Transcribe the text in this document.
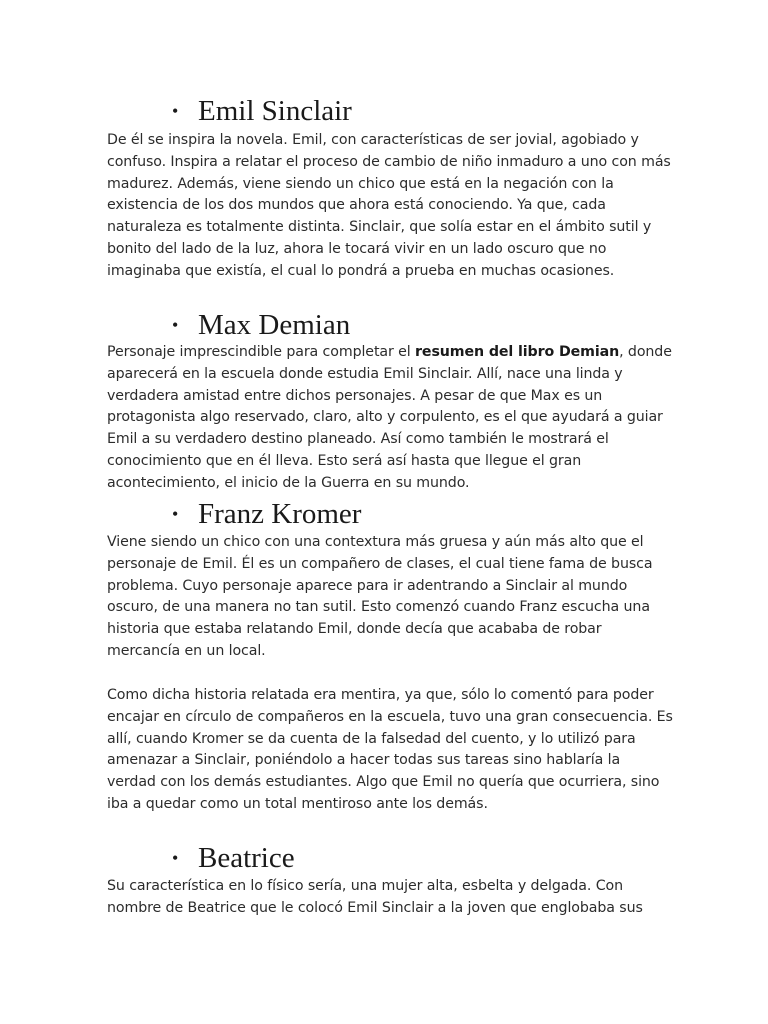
• Emil Sinclair
De él se inspira la novela. Emil, con características de ser jovial, agobiado y
confuso. Inspira a relatar el proceso de cambio de niño inmaduro a uno con más
madurez. Además, viene siendo un chico que está en la negación con la
existencia de los dos mundos que ahora está conociendo. Ya que, cada
naturaleza es totalmente distinta. Sinclair, que solía estar en el ámbito sutil y
bonito del lado de la luz, ahora le tocará vivir en un lado oscuro que no
imaginaba que existía, el cual lo pondrá a prueba en muchas ocasiones.
• Max Demian
Personaje imprescindible para completar el resumen del libro Demian, donde
aparecerá en la escuela donde estudia Emil Sinclair. Allí, nace una linda y
verdadera amistad entre dichos personajes. A pesar de que Max es un
protagonista algo reservado, claro, alto y corpulento, es el que ayudará a guiar
Emil a su verdadero destino planeado. Así como también le mostrará el
conocimiento que en él lleva. Esto será así hasta que llegue el gran
acontecimiento, el inicio de la Guerra en su mundo.
• Franz Kromer
Viene siendo un chico con una contextura más gruesa y aún más alto que el
personaje de Emil. Él es un compañero de clases, el cual tiene fama de busca
problema. Cuyo personaje aparece para ir adentrando a Sinclair al mundo
oscuro, de una manera no tan sutil. Esto comenzó cuando Franz escucha una
historia que estaba relatando Emil, donde decía que acababa de robar
mercancía en un local.
Como dicha historia relatada era mentira, ya que, sólo lo comentó para poder
encajar en círculo de compañeros en la escuela, tuvo una gran consecuencia. Es
allí, cuando Kromer se da cuenta de la falsedad del cuento, y lo utilizó para
amenazar a Sinclair, poniéndolo a hacer todas sus tareas sino hablaría la
verdad con los demás estudiantes. Algo que Emil no quería que ocurriera, sino
iba a quedar como un total mentiroso ante los demás.
• Beatrice
Su característica en lo físico sería, una mujer alta, esbelta y delgada. Con
nombre de Beatrice que le colocó Emil Sinclair a la joven que englobaba sus
